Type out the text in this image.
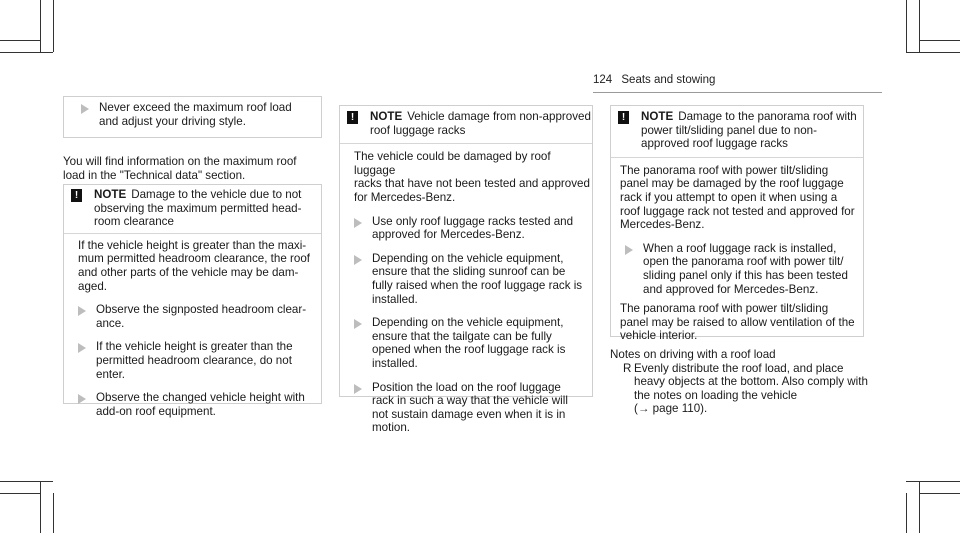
124 Seats and stowing
Never exceed the maximum roof load
and adjust your driving style.
You will find information on the maximum roof
load in the "Technical data" section.
!	NOTE Damage to the vehicle due to not
observing the maximum permitted head-
room clearance
If the vehicle height is greater than the maxi-
mum permitted headroom clearance, the roof
and other parts of the vehicle may be dam-
aged.
Observe the signposted headroom clear-
ance.
If the vehicle height is greater than the
permitted headroom clearance, do not
enter.
Observe the changed vehicle height with
add-on roof equipment.
!	NOTE Vehicle damage from non-approved
roof luggage racks
The vehicle could be damaged by roof luggage
racks that have not been tested and approved
for Mercedes-Benz.
Use only roof luggage racks tested and
approved for Mercedes-Benz.
Depending on the vehicle equipment,
ensure that the sliding sunroof can be
fully raised when the roof luggage rack is
installed.
Depending on the vehicle equipment,
ensure that the tailgate can be fully
opened when the roof luggage rack is
installed.
Position the load on the roof luggage
rack in such a way that the vehicle will
not sustain damage even when it is in
motion.
!	NOTE Damage to the panorama roof with
power tilt/sliding panel due to non-
approved roof luggage racks
The panorama roof with power tilt/sliding
panel may be damaged by the roof luggage
rack if you attempt to open it when using a
roof luggage rack not tested and approved for
Mercedes-Benz.
When a roof luggage rack is installed,
open the panorama roof with power tilt/
sliding panel only if this has been tested
and approved for Mercedes-Benz.
The panorama roof with power tilt/sliding
panel may be raised to allow ventilation of the
vehicle interior.
Notes on driving with a roof load
R Evenly distribute the roof load, and place
heavy objects at the bottom. Also comply with
the notes on loading the vehicle
(→ page 110).
